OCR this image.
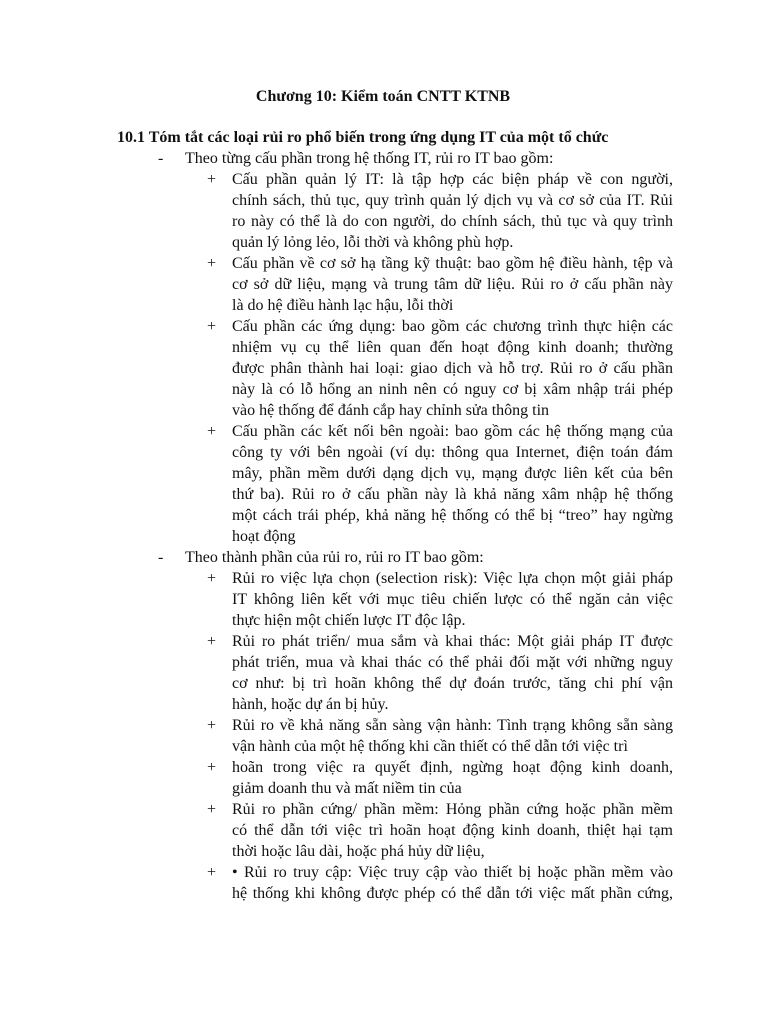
Chương 10: Kiểm toán CNTT KTNB
10.1 Tóm tắt các loại rủi ro phổ biến trong ứng dụng IT của một tổ chức
- Theo từng cấu phần trong hệ thống IT, rủi ro IT bao gồm:
+ Cấu phần quản lý IT: là tập hợp các biện pháp về con người,
chính sách, thủ tục, quy trình quản lý dịch vụ và cơ sở của IT. Rủi
ro này có thể là do con người, do chính sách, thủ tục và quy trình
quản lý lỏng lẻo, lỗi thời và không phù hợp.
+ Cấu phần về cơ sở hạ tầng kỹ thuật: bao gồm hệ điều hành, tệp và
cơ sở dữ liệu, mạng và trung tâm dữ liệu. Rủi ro ở cấu phần này
là do hệ điều hành lạc hậu, lỗi thời
+ Cấu phần các ứng dụng: bao gồm các chương trình thực hiện các
nhiệm vụ cụ thể liên quan đến hoạt động kinh doanh; thường
được phân thành hai loại: giao dịch và hỗ trợ. Rủi ro ở cấu phần
này là có lỗ hổng an ninh nên có nguy cơ bị xâm nhập trái phép
vào hệ thống để đánh cắp hay chỉnh sửa thông tin
+ Cấu phần các kết nối bên ngoài: bao gồm các hệ thống mạng của
công ty với bên ngoài (ví dụ: thông qua Internet, điện toán đám
mây, phần mềm dưới dạng dịch vụ, mạng được liên kết của bên
thứ ba). Rủi ro ở cấu phần này là khả năng xâm nhập hệ thống
một cách trái phép, khả năng hệ thống có thể bị “treo” hay ngừng
hoạt động
- Theo thành phần của rủi ro, rủi ro IT bao gồm:
+ Rủi ro việc lựa chọn (selection risk): Việc lựa chọn một giải pháp
IT không liên kết với mục tiêu chiến lược có thể ngăn cản việc
thực hiện một chiến lược IT độc lập.
+ Rủi ro phát triển/ mua sắm và khai thác: Một giải pháp IT được
phát triển, mua và khai thác có thể phải đối mặt với những nguy
cơ như: bị trì hoãn không thể dự đoán trước, tăng chi phí vận
hành, hoặc dự án bị hủy.
+ Rủi ro về khả năng sẵn sàng vận hành: Tình trạng không sẵn sàng
vận hành của một hệ thống khi cần thiết có thể dẫn tới việc trì
+ hoãn trong việc ra quyết định, ngừng hoạt động kinh doanh,
giảm doanh thu và mất niềm tin của
+ Rủi ro phần cứng/ phần mềm: Hỏng phần cứng hoặc phần mềm
có thể dẫn tới việc trì hoãn hoạt động kinh doanh, thiệt hại tạm
thời hoặc lâu dài, hoặc phá hủy dữ liệu,
+ • Rủi ro truy cập: Việc truy cập vào thiết bị hoặc phần mềm vào
hệ thống khi không được phép có thể dẫn tới việc mất phần cứng,
